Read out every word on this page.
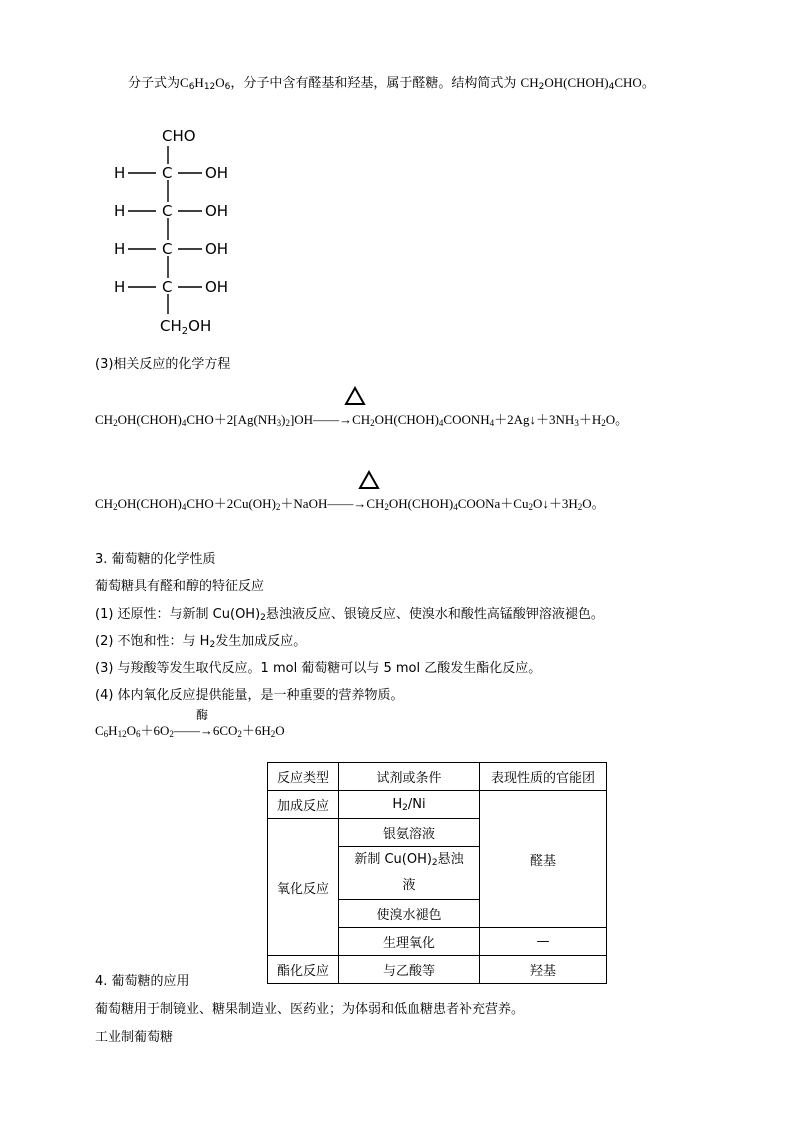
分子式为$C_6H_{12}O_6$，分子中含有醛基和羟基，属于醛糖。结构简式为 $CH_2OH(CHOH)_4CHO$。
CHO
H C OH
H C OH
H C OH
H C OH
$CH_2OH$
(3)相关反应的化学方程
$CH_2OH(CHOH)_4CHO+2[Ag(NH_3)_2]OH——\to CH_2OH(CHOH)_4COONH_4+2Ag↓+3NH_3+H_2O$。
$CH_2OH(CHOH)_4CHO+2Cu(OH)_2+NaOH——\to CH_2OH(CHOH)_4COONa+Cu_2O↓+3H_2O$。
3. 葡萄糖的化学性质
葡萄糖具有醛和醇的特征反应
(1) 还原性：与新制 $Cu(OH)_2$悬浊液反应、银镜反应、使溴水和酸性高锰酸钾溶液褪色。
(2) 不饱和性：与 $H_2$发生加成反应。
(3) 与羧酸等发生取代反应。1 mol 葡萄糖可以与 5 mol 乙酸发生酯化反应。
(4) 体内氧化反应提供能量，是一种重要的营养物质。
酶
$C_6H_{12}O_6+6O_2——\to 6CO_2+6H_2O$
反应类型	试剂或条件	表现性质的官能团
加成反应	$H_2/Ni$	醛基
氧化反应	银氨溶液	
	新制 $Cu(OH)_2$悬浊
液	
	使溴水褪色	
	生理氧化	—
酯化反应	与乙酸等	羟基
4. 葡萄糖的应用
葡萄糖用于制镜业、糖果制造业、医药业；为体弱和低血糖患者补充营养。
工业制葡萄糖
